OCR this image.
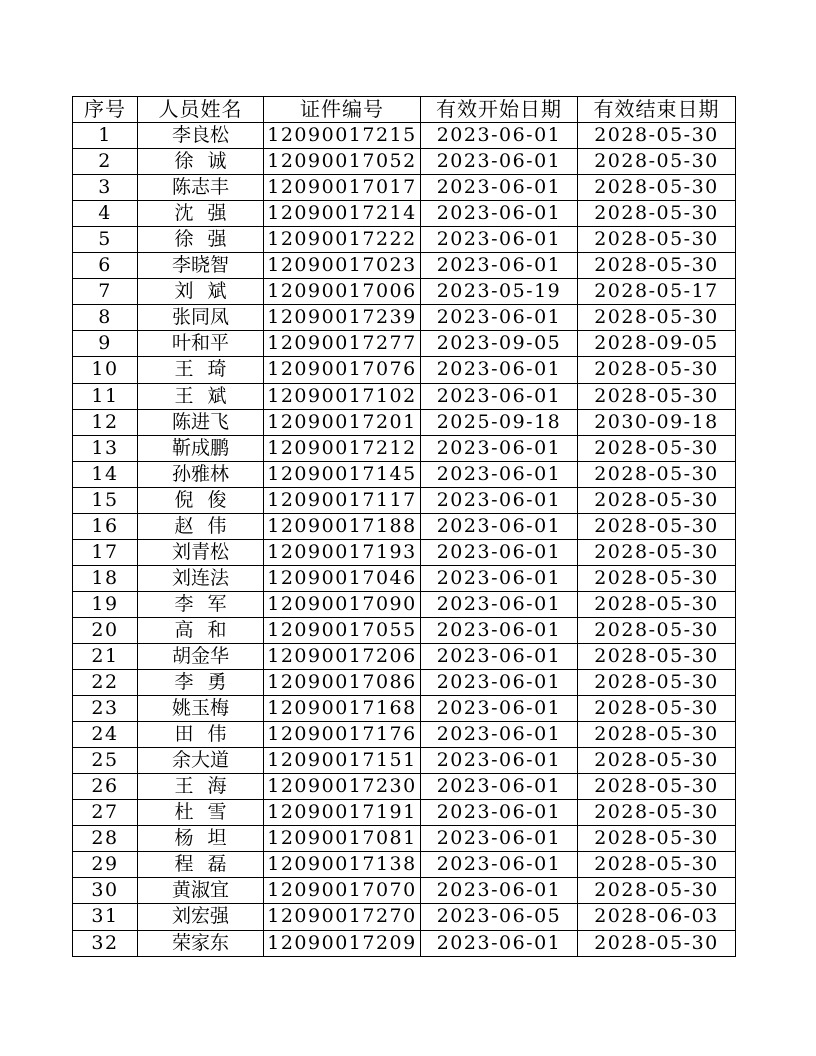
序号	人员姓名	证件编号	有效开始日期	有效结束日期
1	李良松	12090017215	2023-06-01	2028-05-30
2	徐诚	12090017052	2023-06-01	2028-05-30
3	陈志丰	12090017017	2023-06-01	2028-05-30
4	沈强	12090017214	2023-06-01	2028-05-30
5	徐强	12090017222	2023-06-01	2028-05-30
6	李晓智	12090017023	2023-06-01	2028-05-30
7	刘斌	12090017006	2023-05-19	2028-05-17
8	张同凤	12090017239	2023-06-01	2028-05-30
9	叶和平	12090017277	2023-09-05	2028-09-05
10	王琦	12090017076	2023-06-01	2028-05-30
11	王斌	12090017102	2023-06-01	2028-05-30
12	陈进飞	12090017201	2025-09-18	2030-09-18
13	靳成鹏	12090017212	2023-06-01	2028-05-30
14	孙雅林	12090017145	2023-06-01	2028-05-30
15	倪俊	12090017117	2023-06-01	2028-05-30
16	赵伟	12090017188	2023-06-01	2028-05-30
17	刘青松	12090017193	2023-06-01	2028-05-30
18	刘连法	12090017046	2023-06-01	2028-05-30
19	李军	12090017090	2023-06-01	2028-05-30
20	高和	12090017055	2023-06-01	2028-05-30
21	胡金华	12090017206	2023-06-01	2028-05-30
22	李勇	12090017086	2023-06-01	2028-05-30
23	姚玉梅	12090017168	2023-06-01	2028-05-30
24	田伟	12090017176	2023-06-01	2028-05-30
25	余大道	12090017151	2023-06-01	2028-05-30
26	王海	12090017230	2023-06-01	2028-05-30
27	杜雪	12090017191	2023-06-01	2028-05-30
28	杨坦	12090017081	2023-06-01	2028-05-30
29	程磊	12090017138	2023-06-01	2028-05-30
30	黄淑宜	12090017070	2023-06-01	2028-05-30
31	刘宏强	12090017270	2023-06-05	2028-06-03
32	荣家东	12090017209	2023-06-01	2028-05-30
